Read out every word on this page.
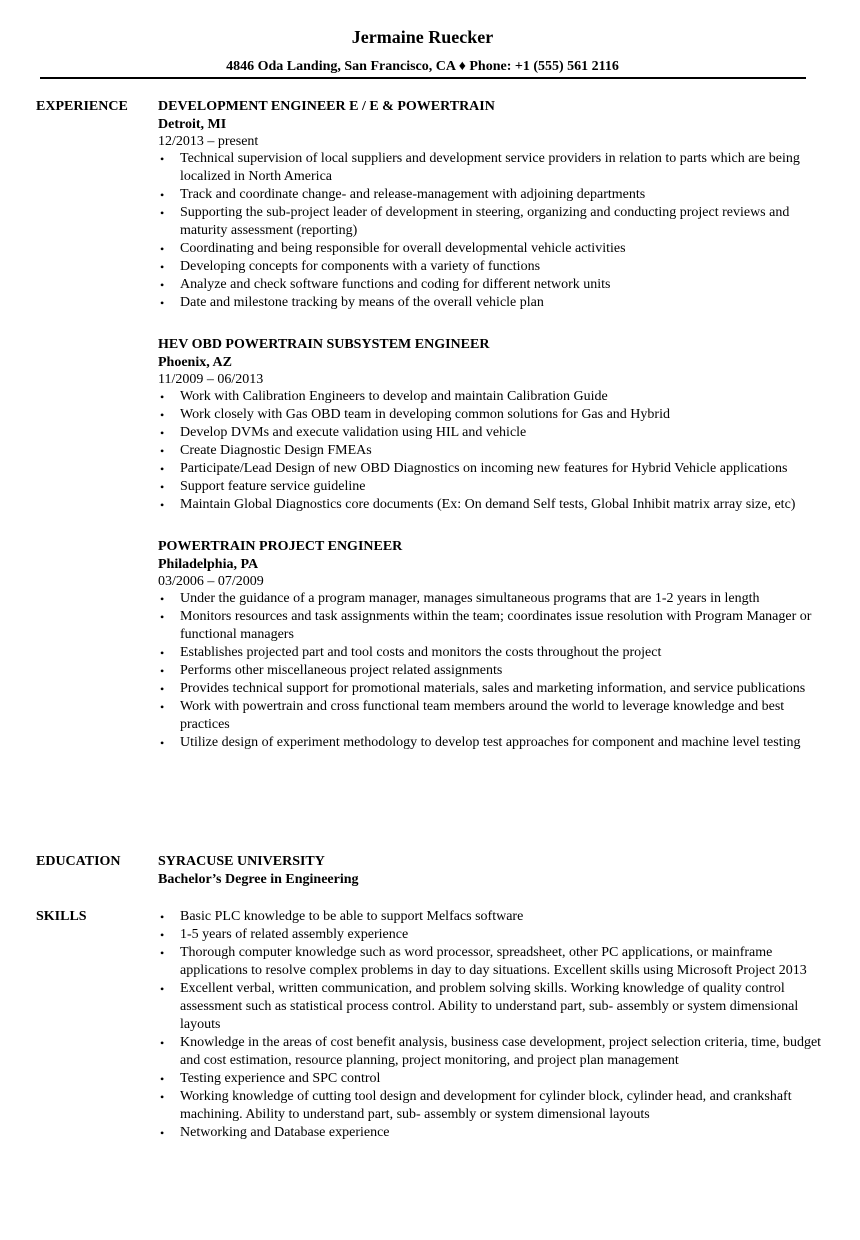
Jermaine Ruecker
4846 Oda Landing, San Francisco, CA ♦ Phone: +1 (555) 561 2116
EXPERIENCE DEVELOPMENT ENGINEER E / E & POWERTRAIN
Detroit, MI
12/2013 – present
• Technical supervision of local suppliers and development service providers in relation to parts which are being localized in North America
• Track and coordinate change- and release-management with adjoining departments
• Supporting the sub-project leader of development in steering, organizing and conducting project reviews and maturity assessment (reporting)
• Coordinating and being responsible for overall developmental vehicle activities
• Developing concepts for components with a variety of functions
• Analyze and check software functions and coding for different network units
• Date and milestone tracking by means of the overall vehicle plan
HEV OBD POWERTRAIN SUBSYSTEM ENGINEER
Phoenix, AZ
11/2009 – 06/2013
• Work with Calibration Engineers to develop and maintain Calibration Guide
• Work closely with Gas OBD team in developing common solutions for Gas and Hybrid
• Develop DVMs and execute validation using HIL and vehicle
• Create Diagnostic Design FMEAs
• Participate/Lead Design of new OBD Diagnostics on incoming new features for Hybrid Vehicle applications
• Support feature service guideline
• Maintain Global Diagnostics core documents (Ex: On demand Self tests, Global Inhibit matrix array size, etc)
POWERTRAIN PROJECT ENGINEER
Philadelphia, PA
03/2006 – 07/2009
• Under the guidance of a program manager, manages simultaneous programs that are 1-2 years in length
• Monitors resources and task assignments within the team; coordinates issue resolution with Program Manager or functional managers
• Establishes projected part and tool costs and monitors the costs throughout the project
• Performs other miscellaneous project related assignments
• Provides technical support for promotional materials, sales and marketing information, and service publications
• Work with powertrain and cross functional team members around the world to leverage knowledge and best practices
• Utilize design of experiment methodology to develop test approaches for component and machine level testing
EDUCATION	SYRACUSE UNIVERSITY
Bachelor’s Degree in Engineering
SKILLS	• Basic PLC knowledge to be able to support Melfacs software
• 1-5 years of related assembly experience
• Thorough computer knowledge such as word processor, spreadsheet, other PC applications, or mainframe applications to resolve complex problems in day to day situations. Excellent skills using Microsoft Project 2013
• Excellent verbal, written communication, and problem solving skills. Working knowledge of quality control assessment such as statistical process control. Ability to understand part, sub- assembly or system dimensional layouts
• Knowledge in the areas of cost benefit analysis, business case development, project selection criteria, time, budget and cost estimation, resource planning, project monitoring, and project plan management
• Testing experience and SPC control
• Working knowledge of cutting tool design and development for cylinder block, cylinder head, and crankshaft machining. Ability to understand part, sub- assembly or system dimensional layouts
• Networking and Database experience
